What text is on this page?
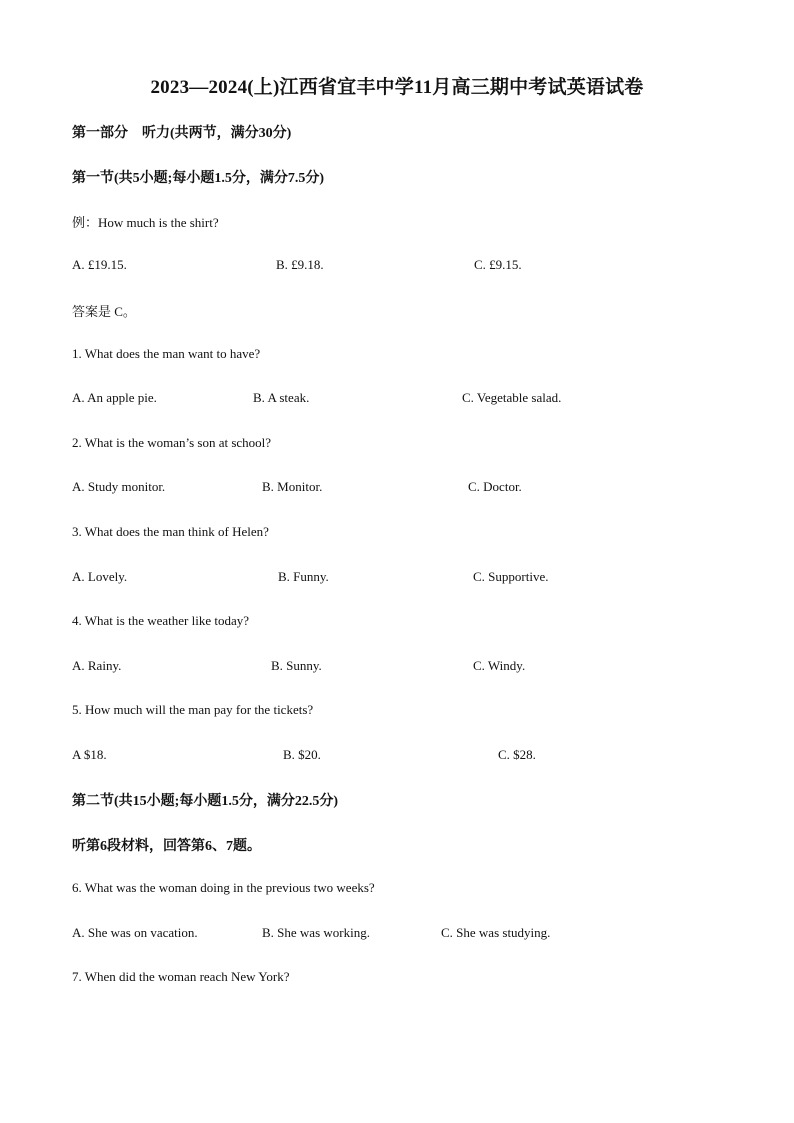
2023—2024(上)江西省宜丰中学11月高三期中考试英语试卷
第一部分　听力(共两节，满分30分)
第一节(共5小题;每小题1.5分，满分7.5分)
例：How much is the shirt?
A. £19.15.	B. £9.18.	C. £9.15.
答案是 C。
1. What does the man want to have?
A. An apple pie.	B. A steak.	C. Vegetable salad.
2. What is the woman’s son at school?
A. Study monitor.	B. Monitor.	C. Doctor.
3. What does the man think of Helen?
A. Lovely.	B. Funny.	C. Supportive.
4. What is the weather like today?
A. Rainy.	B. Sunny.	C. Windy.
5. How much will the man pay for the tickets?
A $18.	B. $20.	C. $28.
第二节(共15小题;每小题1.5分，满分22.5分)
听第6段材料，回答第6、7题。
6. What was the woman doing in the previous two weeks?
A. She was on vacation.	B. She was working.	C. She was studying.
7. When did the woman reach New York?
